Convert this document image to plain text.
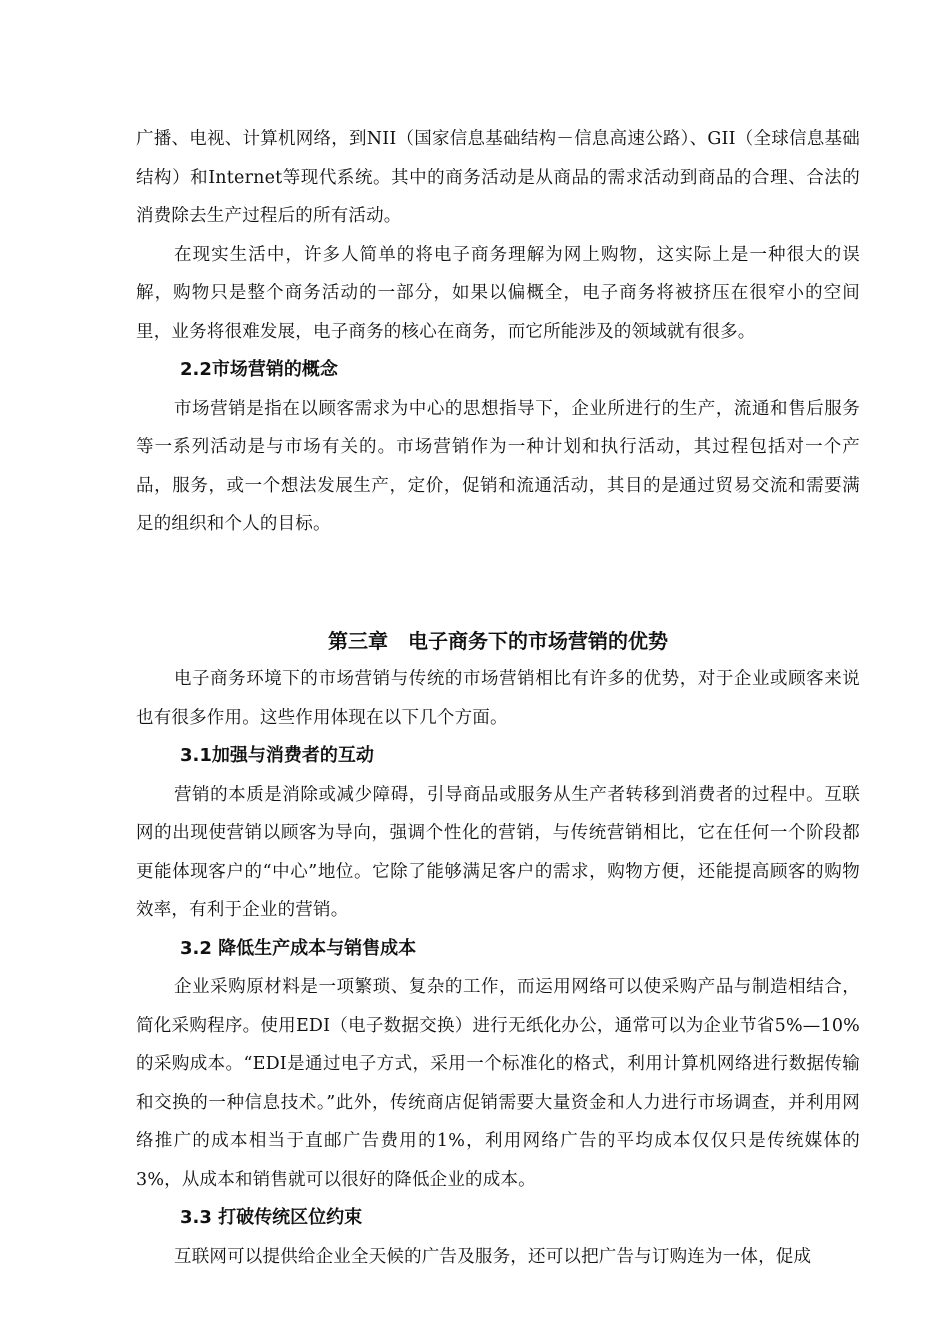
广播、电视、计算机网络，到NII（国家信息基础结构－信息高速公路）、GII（全球信息基础结构）和Internet等现代系统。其中的商务活动是从商品的需求活动到商品的合理、合法的消费除去生产过程后的所有活动。

在现实生活中，许多人简单的将电子商务理解为网上购物，这实际上是一种很大的误解，购物只是整个商务活动的一部分，如果以偏概全，电子商务将被挤压在很窄小的空间里，业务将很难发展，电子商务的核心在商务，而它所能涉及的领域就有很多。

2.2市场营销的概念

市场营销是指在以顾客需求为中心的思想指导下，企业所进行的生产，流通和售后服务等一系列活动是与市场有关的。市场营销作为一种计划和执行活动，其过程包括对一个产品，服务，或一个想法发展生产，定价，促销和流通活动，其目的是通过贸易交流和需要满足的组织和个人的目标。

第三章　电子商务下的市场营销的优势

电子商务环境下的市场营销与传统的市场营销相比有许多的优势，对于企业或顾客来说也有很多作用。这些作用体现在以下几个方面。

3.1加强与消费者的互动

营销的本质是消除或减少障碍，引导商品或服务从生产者转移到消费者的过程中。互联网的出现使营销以顾客为导向，强调个性化的营销，与传统营销相比，它在任何一个阶段都更能体现客户的“中心”地位。它除了能够满足客户的需求，购物方便，还能提高顾客的购物效率，有利于企业的营销。

3.2 降低生产成本与销售成本

企业采购原材料是一项繁琐、复杂的工作，而运用网络可以使采购产品与制造相结合，简化采购程序。使用EDI（电子数据交换）进行无纸化办公，通常可以为企业节省5%—10%的采购成本。“EDI是通过电子方式，采用一个标准化的格式，利用计算机网络进行数据传输和交换的一种信息技术。”此外，传统商店促销需要大量资金和人力进行市场调查，并利用网络推广的成本相当于直邮广告费用的1%，利用网络广告的平均成本仅仅只是传统媒体的3%，从成本和销售就可以很好的降低企业的成本。

3.3 打破传统区位约束

互联网可以提供给企业全天候的广告及服务，还可以把广告与订购连为一体，促成
